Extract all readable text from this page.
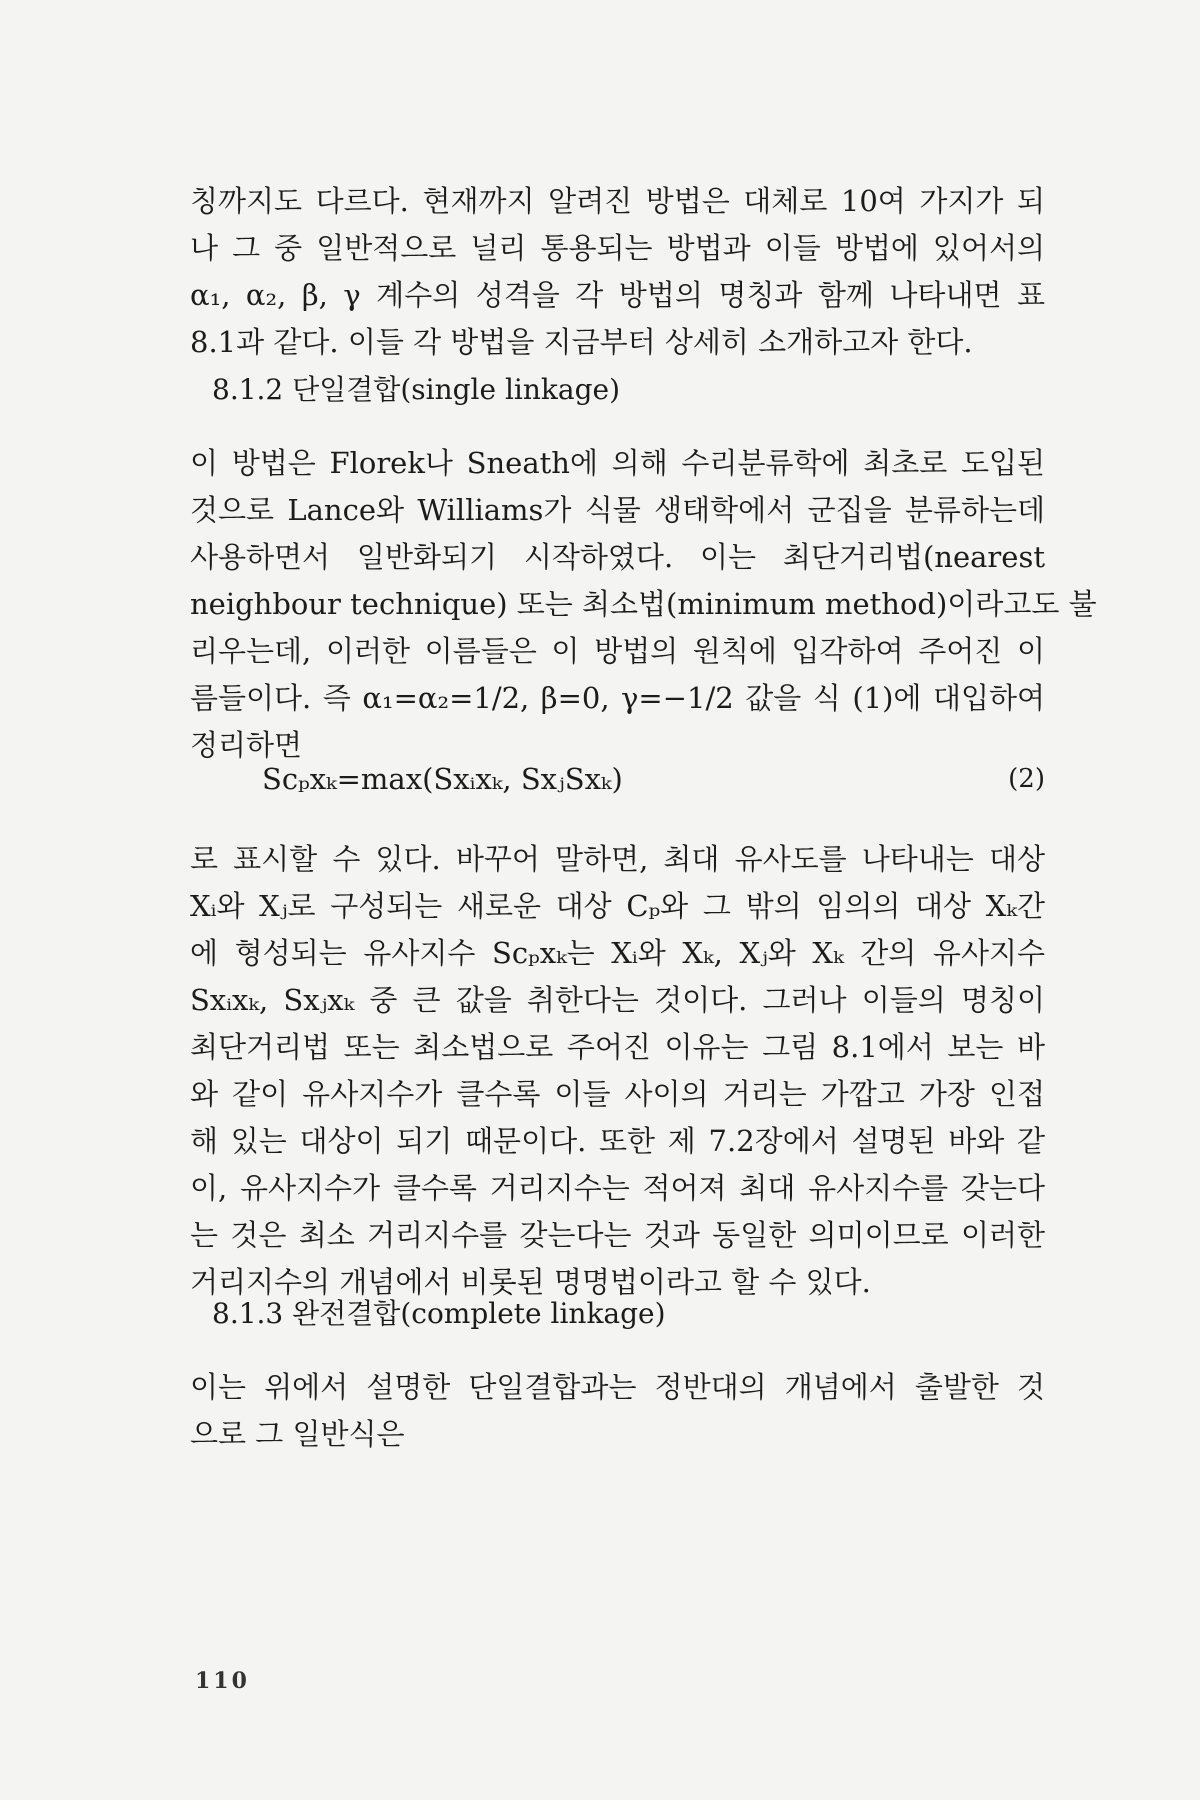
칭까지도 다르다. 현재까지 알려진 방법은 대체로 10여 가지가 되
나 그 중 일반적으로 널리 통용되는 방법과 이들 방법에 있어서의
α₁, α₂, β, γ 계수의 성격을 각 방법의 명칭과 함께 나타내면 표
8.1과 같다. 이들 각 방법을 지금부터 상세히 소개하고자 한다.
8.1.2 단일결합(single linkage)
이 방법은 Florek나 Sneath에 의해 수리분류학에 최초로 도입된
것으로 Lance와 Williams가 식물 생태학에서 군집을 분류하는데
사용하면서 일반화되기 시작하였다. 이는 최단거리법(nearest
neighbour technique) 또는 최소법(minimum method)이라고도 불
리우는데, 이러한 이름들은 이 방법의 원칙에 입각하여 주어진 이
름들이다. 즉 α₁=α₂=1/2, β=0, γ=−1/2 값을 식 (1)에 대입하여
정리하면
Scₚxₖ=max(Sxᵢxₖ, SxⱼSxₖ)	(2)
로 표시할 수 있다. 바꾸어 말하면, 최대 유사도를 나타내는 대상
Xᵢ와 Xⱼ로 구성되는 새로운 대상 Cₚ와 그 밖의 임의의 대상 Xₖ간
에 형성되는 유사지수 Scₚxₖ는 Xᵢ와 Xₖ, Xⱼ와 Xₖ 간의 유사지수
Sxᵢxₖ, Sxⱼxₖ 중 큰 값을 취한다는 것이다. 그러나 이들의 명칭이
최단거리법 또는 최소법으로 주어진 이유는 그림 8.1에서 보는 바
와 같이 유사지수가 클수록 이들 사이의 거리는 가깝고 가장 인접
해 있는 대상이 되기 때문이다. 또한 제 7.2장에서 설명된 바와 같
이, 유사지수가 클수록 거리지수는 적어져 최대 유사지수를 갖는다
는 것은 최소 거리지수를 갖는다는 것과 동일한 의미이므로 이러한
거리지수의 개념에서 비롯된 명명법이라고 할 수 있다.
8.1.3 완전결합(complete linkage)
이는 위에서 설명한 단일결합과는 정반대의 개념에서 출발한 것
으로 그 일반식은
110
